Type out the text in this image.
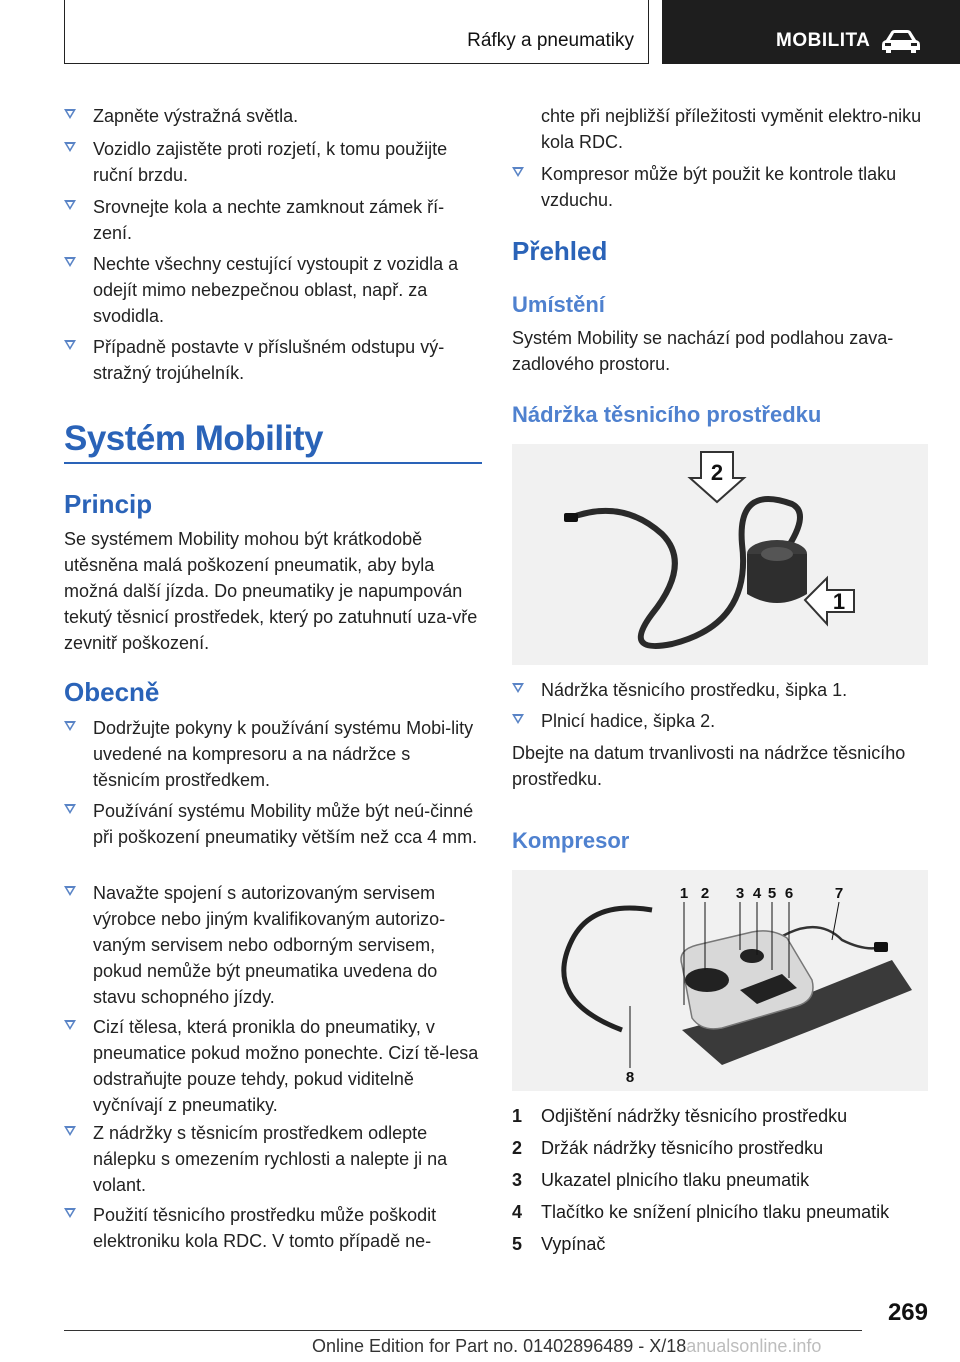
Ráfky a pneumatiky	MOBILITA
Zapněte výstražná světla.
Vozidlo zajistěte proti rozjetí, k tomu použijte ruční brzdu.
Srovnejte kola a nechte zamknout zámek ří-zení.
Nechte všechny cestující vystoupit z vozidla a odejít mimo nebezpečnou oblast, např. za svodidla.
Případně postavte v příslušném odstupu vý-stražný trojúhelník.
Systém Mobility
Princip
Se systémem Mobility mohou být krátkodobě utěsněna malá poškození pneumatik, aby byla možná další jízda. Do pneumatiky je napumpován tekutý těsnicí prostředek, který po zatuhnutí uza-vře zevnitř poškození.
Obecně
Dodržujte pokyny k používání systému Mobi-lity uvedené na kompresoru a na nádržce s těsnicím prostředkem.
Používání systému Mobility může být neú-činné při poškození pneumatiky větším než cca 4 mm.
Navažte spojení s autorizovaným servisem výrobce nebo jiným kvalifikovaným autorizo-vaným servisem nebo odborným servisem, pokud nemůže být pneumatika uvedena do stavu schopného jízdy.
Cizí tělesa, která pronikla do pneumatiky, v pneumatice pokud možno ponechte. Cizí tě-lesa odstraňujte pouze tehdy, pokud viditelně vyčnívají z pneumatiky.
Z nádržky s těsnicím prostředkem odlepte nálepku s omezením rychlosti a nalepte ji na volant.
Použití těsnicího prostředku může poškodit elektroniku kola RDC. V tomto případě ne-
chte při nejbližší příležitosti vyměnit elektro-niku kola RDC.
Kompresor může být použit ke kontrole tlaku vzduchu.
Přehled
Umístění
Systém Mobility se nachází pod podlahou zava-zadlového prostoru.
Nádržka těsnicího prostředku
2
1
Nádržka těsnicího prostředku, šipka 1.
Plnicí hadice, šipka 2.
Dbejte na datum trvanlivosti na nádržce těsnicího prostředku.
Kompresor
1 2 3 4 5 6	7
8
1	Odjištění nádržky těsnicího prostředku
2	Držák nádržky těsnicího prostředku
3	Ukazatel plnicího tlaku pneumatik
4	Tlačítko ke snížení plnicího tlaku pneumatik
5	Vypínač
269
Online Edition for Part no. 01402896489 - X/18anualsonline.info
